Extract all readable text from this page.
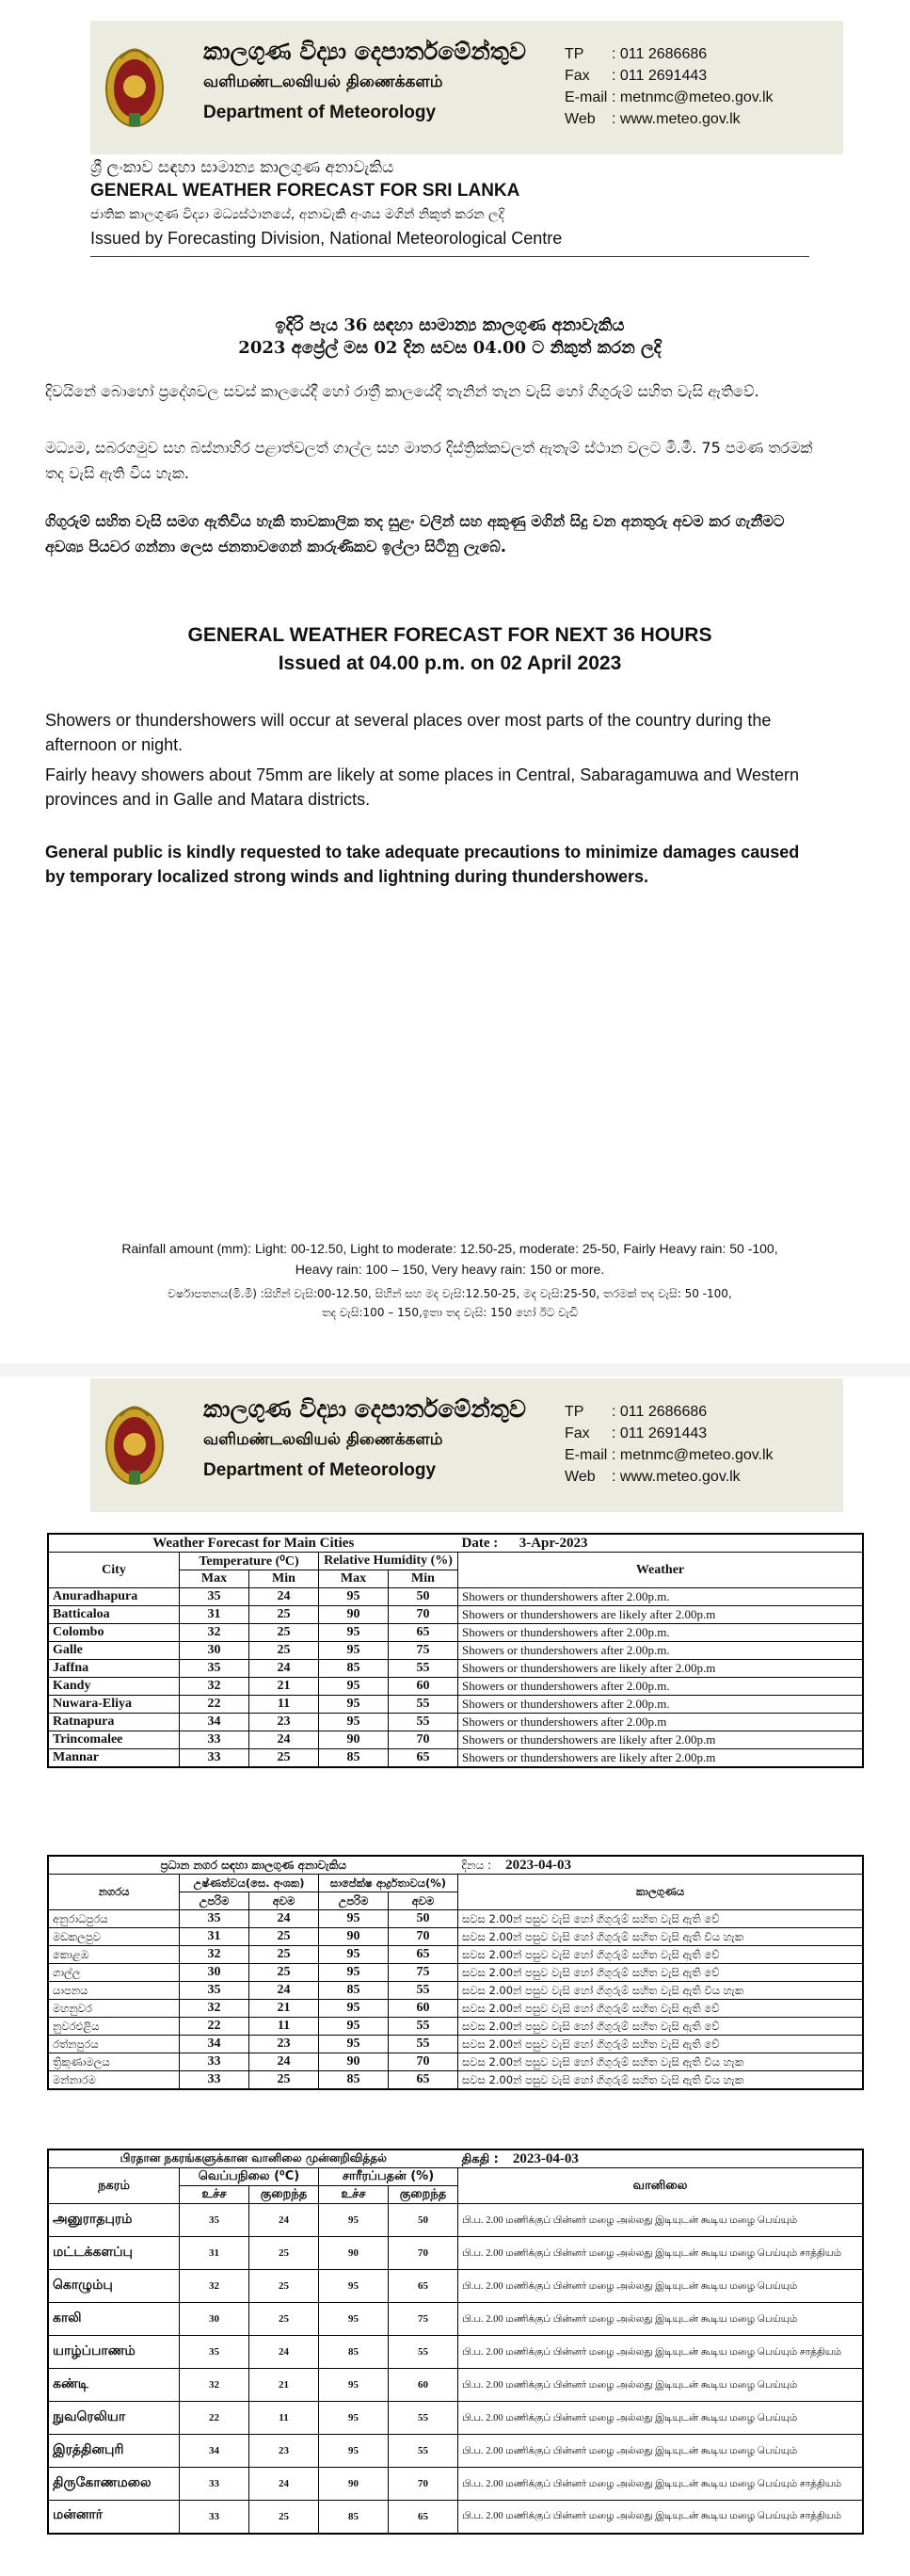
කාලගුණ විද්‍යා දෙපාර්තමේන්තුව
வளிமண்டலவியல் திணைக்களம்
Department of Meteorology
TP : 011 2686686
Fax : 011 2691443
E-mail : metnmc@meteo.gov.lk
Web : www.meteo.gov.lk
ශ්‍රී ලංකාව සඳහා සාමාන්‍ය කාලගුණ අනාවැකිය
GENERAL WEATHER FORECAST FOR SRI LANKA
ජාතික කාලගුණ විද්‍යා මධ්‍යස්ථානයේ, අනාවැකි අංශය මගින් නිකුත් කරන ලදි
Issued by Forecasting Division, National Meteorological Centre
ඉදිරි පැය 36 සඳහා සාමාන්‍ය කාලගුණ අනාවැකිය
2023 අප්‍රේල් මස 02 දින සවස 04.00 ට නිකුත් කරන ලදි
දිවයිනේ බොහෝ ප්‍රදේශවල සවස් කාලයේදී හෝ රාත්‍රී කාලයේදී තැනින් තැන වැසි හෝ ගිගුරුම් සහිත වැසි ඇතිවේ.
මධ්‍යම, සබරගමුව සහ බස්නාහිර පළාත්වලත් ගාල්ල සහ මාතර දිස්ත්‍රික්කවලත් ඇතැම් ස්ථාන වලට මි.මී. 75 පමණ තරමක් තද වැසි ඇති විය හැක.
ගිගුරුම් සහිත වැසි සමග ඇතිවිය හැකි තාවකාලික තද සුළං වලින් සහ අකුණු මගින් සිදු වන අනතුරු අවම කර ගැනීමට අවශ්‍ය පියවර ගන්නා ලෙස ජනතාවගෙන් කාරුණිකව ඉල්ලා සිටිනු ලැබේ.
GENERAL WEATHER FORECAST FOR NEXT 36 HOURS
Issued at 04.00 p.m. on 02 April 2023
Showers or thundershowers will occur at several places over most parts of the country during the afternoon or night.
Fairly heavy showers about 75mm are likely at some places in Central, Sabaragamuwa and Western provinces and in Galle and Matara districts.
General public is kindly requested to take adequate precautions to minimize damages caused by temporary localized strong winds and lightning during thundershowers.
Rainfall amount (mm): Light: 00-12.50, Light to moderate: 12.50-25, moderate: 25-50, Fairly Heavy rain: 50 -100,
Heavy rain: 100 – 150, Very heavy rain: 150 or more.
වර්ෂාපතනය(මි.මී) :සිහින් වැසි:00-12.50, සිහින් සහ මද වැසි:12.50-25, මද වැසි:25-50, තරමක් තද වැසි: 50 -100,
තද වැසි:100 – 150,ඉතා තද වැසි: 150 හෝ ඊට වැඩි
කාලගුණ විද්‍යා දෙපාර්තමේන්තුව
வளிமண்டலவியல் திணைக்களம்
Department of Meteorology
TP : 011 2686686
Fax : 011 2691443
E-mail : metnmc@meteo.gov.lk
Web : www.meteo.gov.lk
Weather Forecast for Main Cities					Date : 3-Apr-2023
City	Temperature (⁰C)		Relative Humidity (%)		Weather
	Max	Min	Max	Min	
Anuradhapura	35	24	95	50	Showers or thundershowers after 2.00p.m.
Batticaloa	31	25	90	70	Showers or thundershowers are likely after 2.00p.m
Colombo	32	25	95	65	Showers or thundershowers after 2.00p.m.
Galle	30	25	95	75	Showers or thundershowers after 2.00p.m.
Jaffna	35	24	85	55	Showers or thundershowers are likely after 2.00p.m
Kandy	32	21	95	60	Showers or thundershowers after 2.00p.m.
Nuwara-Eliya	22	11	95	55	Showers or thundershowers after 2.00p.m.
Ratnapura	34	23	95	55	Showers or thundershowers after 2.00p.m
Trincomalee	33	24	90	70	Showers or thundershowers are likely after 2.00p.m
Mannar	33	25	85	65	Showers or thundershowers are likely after 2.00p.m
ප්‍රධාන නගර සඳහා කාලගුණ අනාවැකිය					දිනය : 2023-04-03
නගරය	උෂ්ණත්වය(සෙ. අංශක)		සාපේක්ෂ ආර්ද්‍රතාවය(%)		කාලගුණය
	උපරිම	අවම	උපරිම	අවම	
අනුරාධපුරය	35	24	95	50	සවස 2.00න් පසුව වැසි හෝ ගිගුරුම් සහිත වැසි ඇති වේ
මඩකලපුව	31	25	90	70	සවස 2.00න් පසුව වැසි හෝ ගිගුරුම් සහිත වැසි ඇති විය හැක
කොළඹ	32	25	95	65	සවස 2.00න් පසුව වැසි හෝ ගිගුරුම් සහිත වැසි ඇති වේ
ගාල්ල	30	25	95	75	සවස 2.00න් පසුව වැසි හෝ ගිගුරුම් සහිත වැසි ඇති වේ
යාපනය	35	24	85	55	සවස 2.00න් පසුව වැසි හෝ ගිගුරුම් සහිත වැසි ඇති විය හැක
මහනුවර	32	21	95	60	සවස 2.00න් පසුව වැසි හෝ ගිගුරුම් සහිත වැසි ඇති වේ
නුවරඑළිය	22	11	95	55	සවස 2.00න් පසුව වැසි හෝ ගිගුරුම් සහිත වැසි ඇති වේ
රත්නපුරය	34	23	95	55	සවස 2.00න් පසුව වැසි හෝ ගිගුරුම් සහිත වැසි ඇති වේ
ත්‍රිකුණාමලය	33	24	90	70	සවස 2.00න් පසුව වැසි හෝ ගිගුරුම් සහිත වැසි ඇති විය හැක
මන්නාරම	33	25	85	65	සවස 2.00න් පසුව වැසි හෝ ගිගුරුම් සහිත වැසි ඇති විය හැක
பிரதான நகரங்களுக்கான வானிலை முன்னறிவித்தல்					திகதி : 2023-04-03
நகரம்	வெப்பநிலை (⁰C)		சாரீரப்பதன் (%)		வானிலை
	உச்ச	குறைந்த	உச்ச	குறைந்த	
அனுராதபுரம்	35	24	95	50	பி.ப. 2.00 மணிக்குப் பின்னர் மழை அல்லது இடியுடன் கூடிய மழை பெய்யும்
மட்டக்களப்பு	31	25	90	70	பி.ப. 2.00 மணிக்குப் பின்னர் மழை அல்லது இடியுடன் கூடிய மழை பெய்யும் சாத்தியம்
கொழும்பு	32	25	95	65	பி.ப. 2.00 மணிக்குப் பின்னர் மழை அல்லது இடியுடன் கூடிய மழை பெய்யும்
காலி	30	25	95	75	பி.ப. 2.00 மணிக்குப் பின்னர் மழை அல்லது இடியுடன் கூடிய மழை பெய்யும்
யாழ்ப்பாணம்	35	24	85	55	பி.ப. 2.00 மணிக்குப் பின்னர் மழை அல்லது இடியுடன் கூடிய மழை பெய்யும் சாத்தியம்
கண்டி	32	21	95	60	பி.ப. 2.00 மணிக்குப் பின்னர் மழை அல்லது இடியுடன் கூடிய மழை பெய்யும்
நுவரெலியா	22	11	95	55	பி.ப. 2.00 மணிக்குப் பின்னர் மழை அல்லது இடியுடன் கூடிய மழை பெய்யும்
இரத்தினபுரி	34	23	95	55	பி.ப. 2.00 மணிக்குப் பின்னர் மழை அல்லது இடியுடன் கூடிய மழை பெய்யும்
திருகோணமலை	33	24	90	70	பி.ப. 2.00 மணிக்குப் பின்னர் மழை அல்லது இடியுடன் கூடிய மழை பெய்யும் சாத்தியம்
மன்னார்	33	25	85	65	பி.ப. 2.00 மணிக்குப் பின்னர் மழை அல்லது இடியுடன் கூடிய மழை பெய்யும் சாத்தியம்
